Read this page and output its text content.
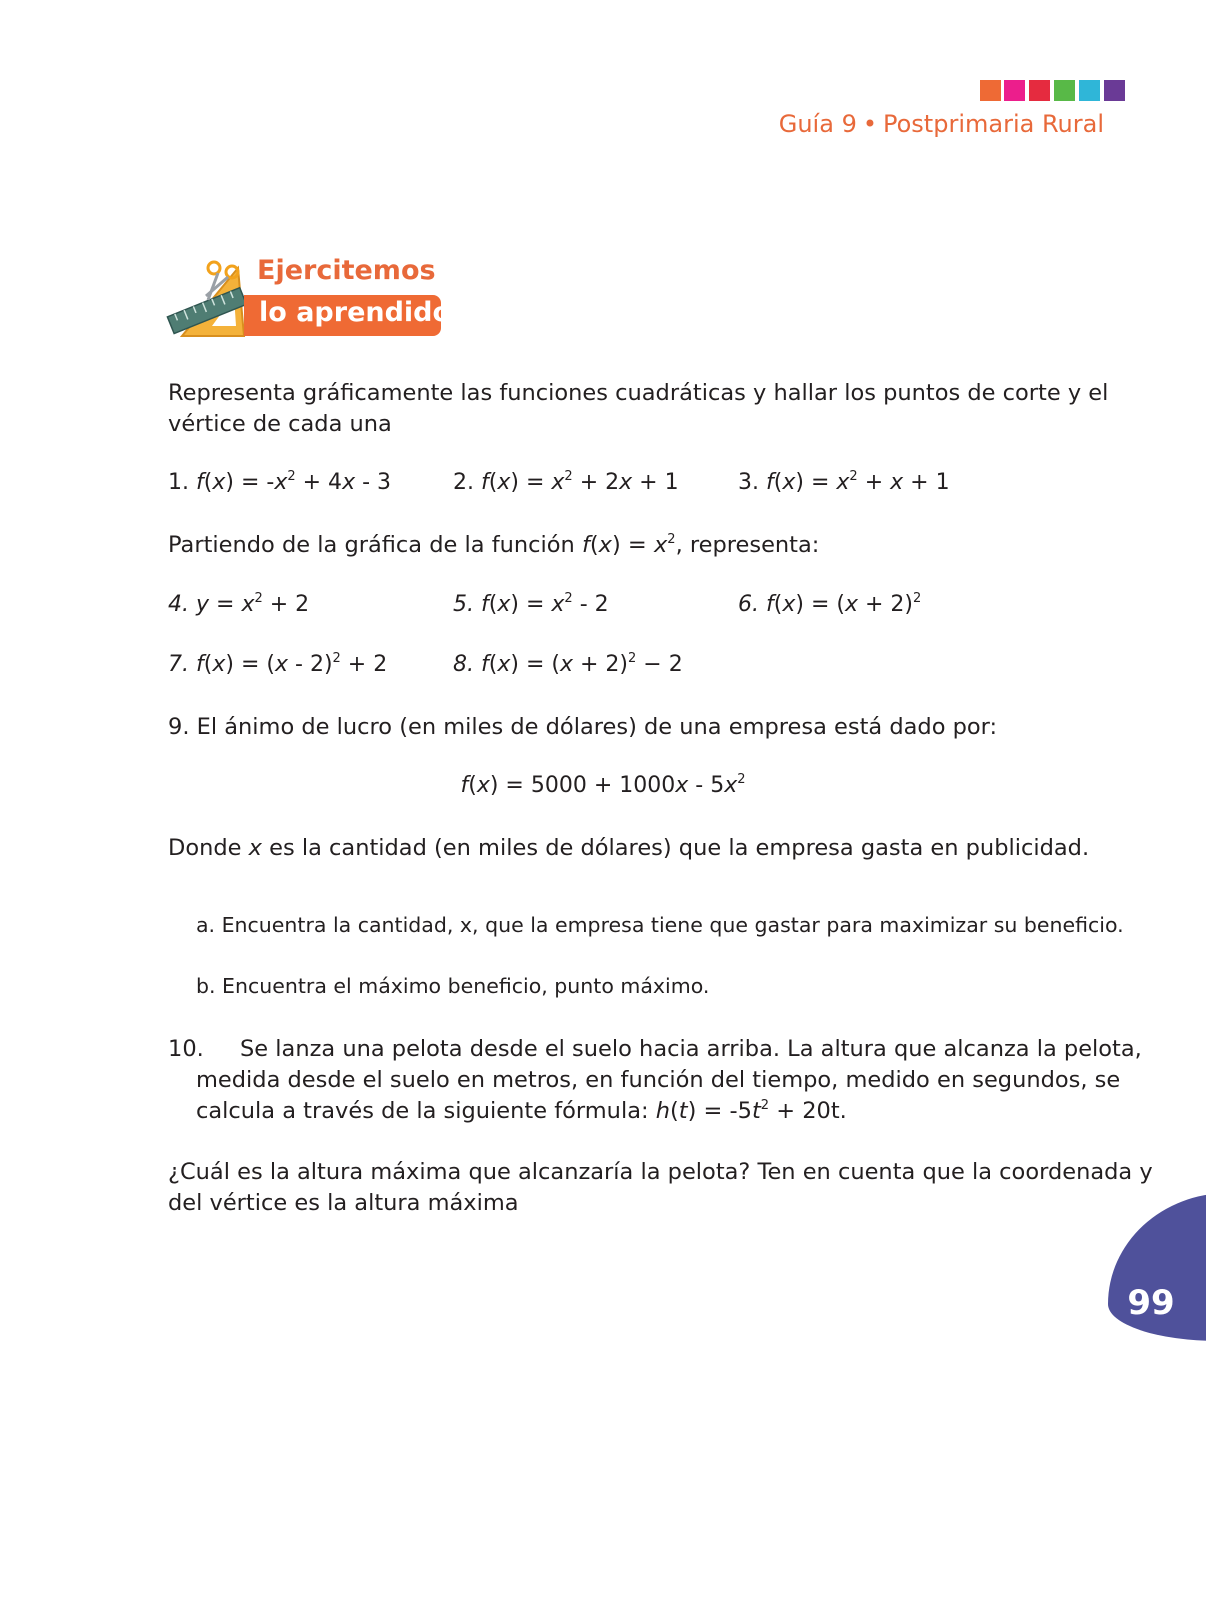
Guía 9 • Postprimaria Rural
Ejercitemos
lo aprendido
Representa gráficamente las funciones cuadráticas y hallar los puntos de corte y el
vértice de cada una
1. $f(x) = -x^2 + 4x - 3$	2. $f(x) = x^2 + 2x + 1$	3. $f(x) = x^2 + x + 1$
Partiendo de la gráfica de la función $f(x) = x^2$, representa:
4. $y = x^2 + 2$	5. $f(x) = x^2 - 2$	6. $f(x) = (x + 2)^2$
7. f(x) = (x - 2)$^2$ + 2	8. $f(x) = (x + 2)^2 - 2$
9. El ánimo de lucro (en miles de dólares) de una empresa está dado por:
$f(x) = 5000 + 1000x - 5x^2$
Donde x es la cantidad (en miles de dólares) que la empresa gasta en publicidad.
a. Encuentra la cantidad, x, que la empresa tiene que gastar para maximizar su beneficio.
b. Encuentra el máximo beneficio, punto máximo.
10. Se lanza una pelota desde el suelo hacia arriba. La altura que alcanza la pelota,
medida desde el suelo en metros, en función del tiempo, medido en segundos, se
calcula a través de la siguiente fórmula: $h(t) = -5t^2 + 20t$.
¿Cuál es la altura máxima que alcanzaría la pelota? Ten en cuenta que la coordenada y
del vértice es la altura máxima
99
